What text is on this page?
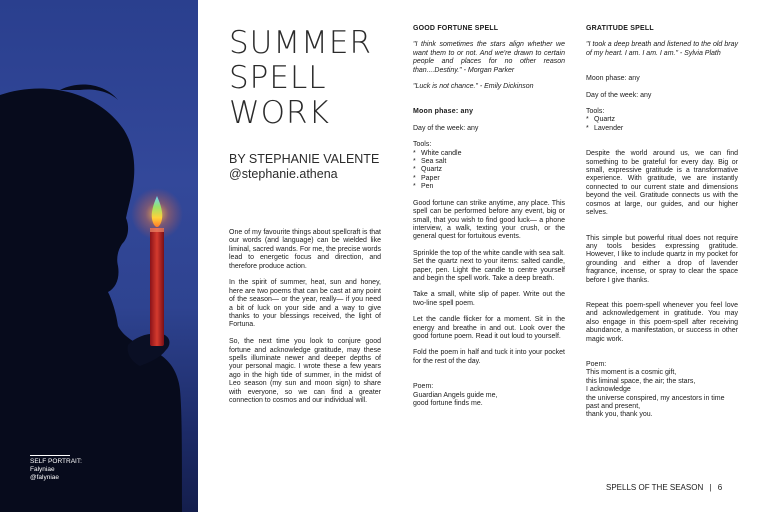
SELF PORTRAIT:
Falyniae
@falyniae
SUMMER
SPELL
WORK
BY STEPHANIE VALENTE
@stephanie.athena

One of my favourite things about spellcraft is that our words (and language) can be wielded like liminal, sacred wands. For me, the precise words lead to energetic focus and direction, and therefore produce action.

In the spirit of summer, heat, sun and honey, here are two poems that can be cast at any point of the season— or the year, really— if you need a bit of luck on your side and a way to give thanks to your blessings received, the light of Fortuna.

So, the next time you look to conjure good fortune and acknowledge gratitude, may these spells illuminate newer and deeper depths of your personal magic. I wrote these a few years ago in the high tide of summer, in the midst of Leo season (my sun and moon sign) to share with everyone, so we can find a greater connection to cosmos and our individual will.

GOOD FORTUNE SPELL

"I think sometimes the stars align whether we want them to or not. And we're drawn to certain people and places for no other reason than....Destiny." - Morgan Parker

"Luck is not chance." - Emily Dickinson

Moon phase: any
Day of the week: any
Tools:
* White candle
* Sea salt
* Quartz
* Paper
* Pen

Good fortune can strike anytime, any place. This spell can be performed before any event, big or small, that you wish to find good luck— a phone interview, a walk, texting your crush, or the general quest for fortuitous events.

Sprinkle the top of the white candle with sea salt. Set the quartz next to your items: salted candle, paper, pen. Light the candle to centre yourself and begin the spell work. Take a deep breath.

Take a small, white slip of paper. Write out the two-line spell poem.

Let the candle flicker for a moment. Sit in the energy and breathe in and out. Look over the good fortune poem. Read it out loud to yourself.

Fold the poem in half and tuck it into your pocket for the rest of the day.

Poem:
Guardian Angels guide me,
good fortune finds me.
GRATITUDE SPELL

"I took a deep breath and listened to the old bray of my heart. I am. I am. I am." - Sylvia Plath

Moon phase: any
Day of the week: any
Tools:
* Quartz
* Lavender

Despite the world around us, we can find something to be grateful for every day. Big or small, expressive gratitude is a transformative experience. With gratitude, we are instantly connected to our current state and dimensions beyond the veil. Gratitude connects us with the cosmos at large, our guides, and our higher selves.

This simple but powerful ritual does not require any tools besides expressing gratitude. However, I like to include quartz in my pocket for grounding and either a drop of lavender fragrance, incense, or spray to clear the space before I give thanks.

Repeat this poem-spell whenever you feel love and acknowledgement in gratitude. You may also engage in this poem-spell after receiving abundance, a manifestation, or success in other magic work.

Poem:
This moment is a cosmic gift,
this liminal space, the air; the stars,
I acknowledge
the universe conspired, my ancestors in time past and present,
thank you, thank you.
SPELLS OF THE SEASON | 6
